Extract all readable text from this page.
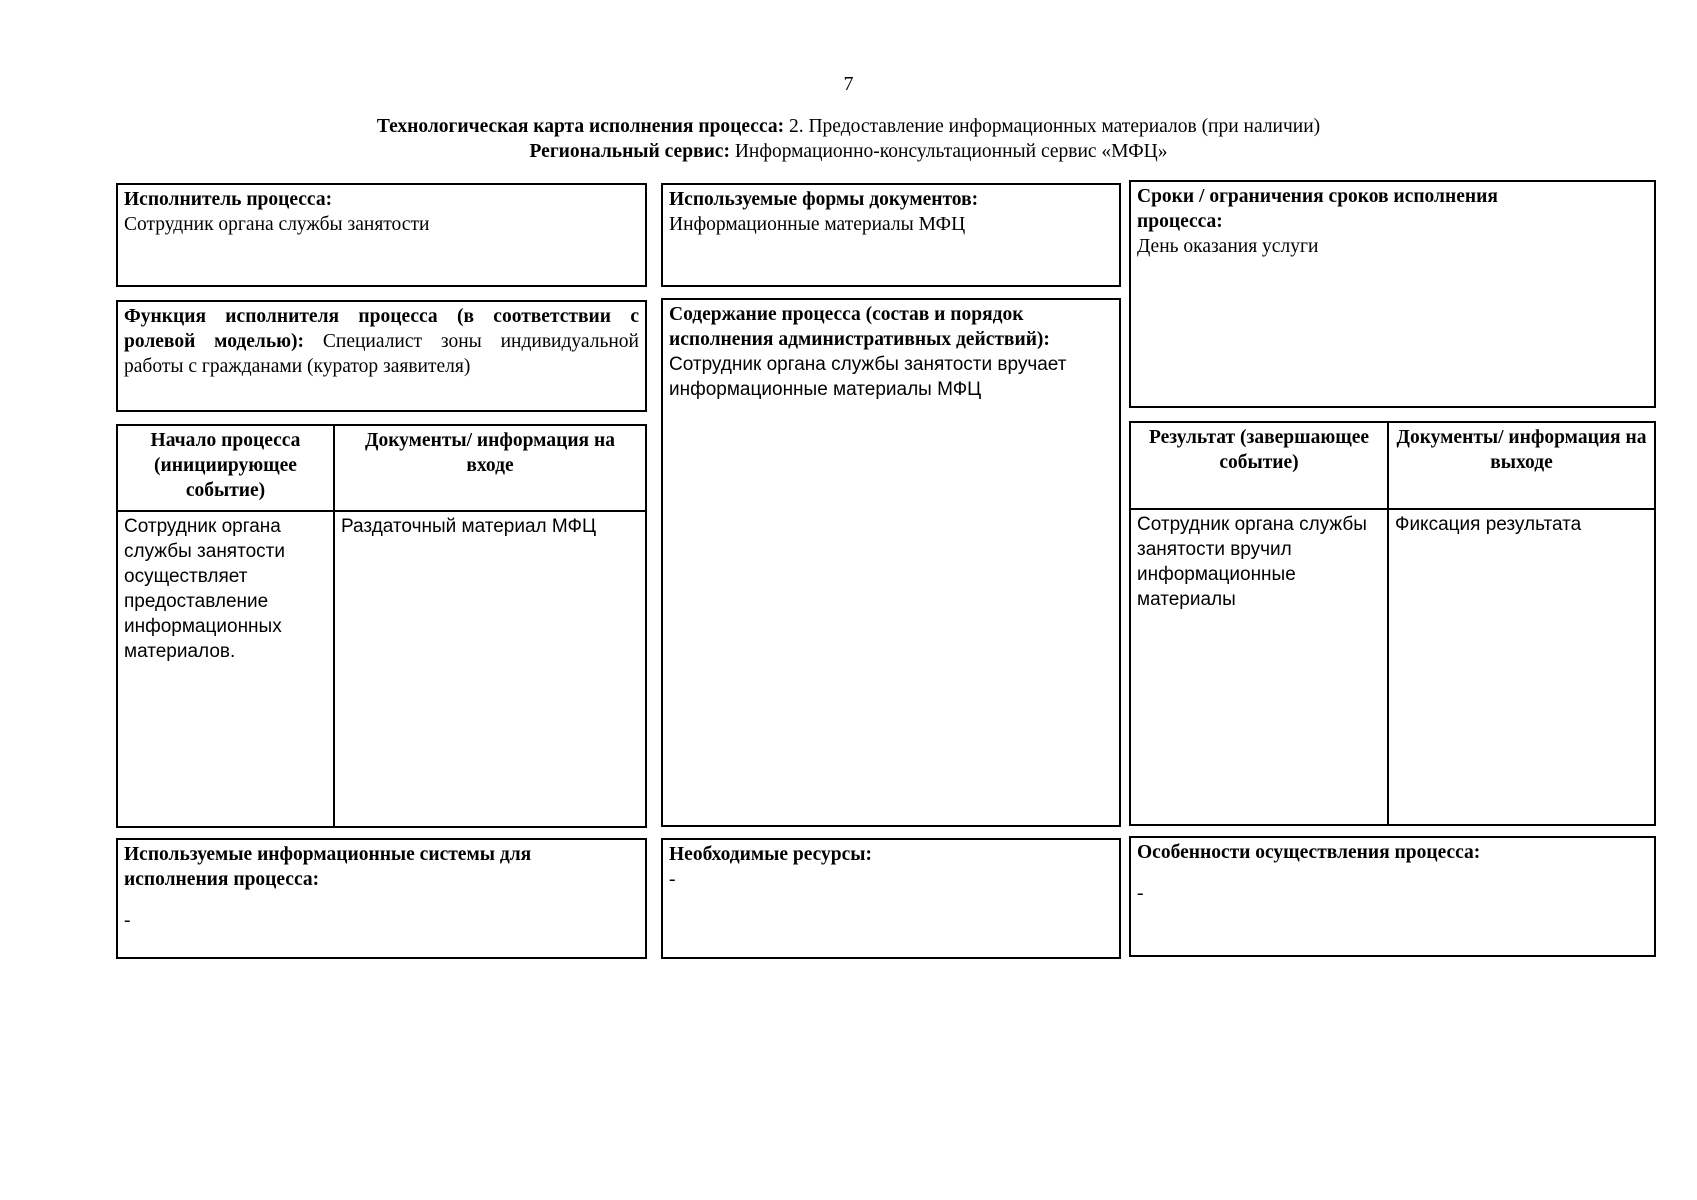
7
Технологическая карта исполнения процесса: 2. Предоставление информационных материалов (при наличии)
Региональный сервис: Информационно-консультационный сервис «МФЦ»
Исполнитель процесса:
Сотрудник органа службы занятости
Используемые формы документов:
Информационные материалы МФЦ
Сроки / ограничения сроков исполнения процесса:
День оказания услуги
Функция исполнителя процесса (в соответствии с ролевой моделью): Специалист зоны индивидуальной работы с гражданами (куратор заявителя)
Содержание процесса (состав и порядок исполнения административных действий):
Сотрудник органа службы занятости вручает информационные материалы МФЦ
Начало процесса (инициирующее событие)
Документы/ информация на входе
Сотрудник органа службы занятости осуществляет предоставление информационных материалов.
Раздаточный материал МФЦ
Результат (завершающее событие)
Документы/ информация на выходе
Сотрудник органа службы занятости вручил информационные материалы
Фиксация результата
Используемые информационные системы для исполнения процесса:
-
Необходимые ресурсы:
-
Особенности осуществления процесса:
-
